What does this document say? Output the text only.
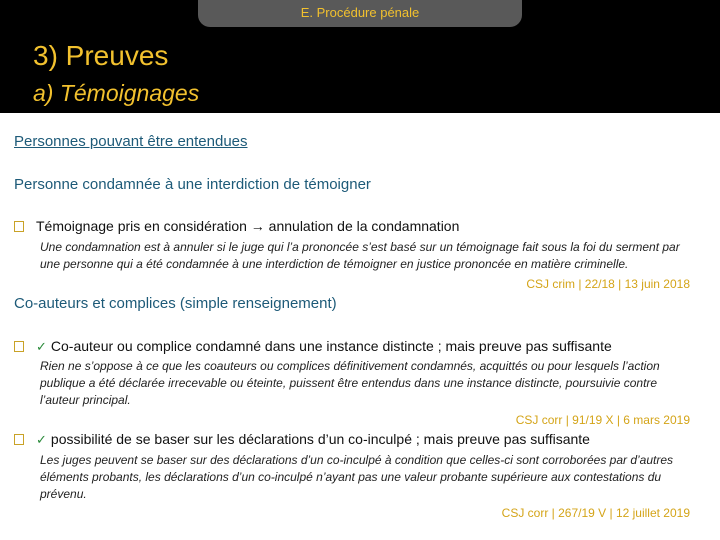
E. Procédure pénale
3) Preuves
a) Témoignages
Personnes pouvant être entendues
Personne condamnée à une interdiction de témoigner
Témoignage pris en considération → annulation de la condamnation
Une condamnation est à annuler si le juge qui l’a prononcée s’est basé sur un témoignage fait sous la foi du serment par une personne qui a été condamnée à une interdiction de témoigner en justice prononcée en matière criminelle.
CSJ crim | 22/18 | 13 juin 2018
Co-auteurs et complices (simple renseignement)
✓ Co-auteur ou complice condamné dans une instance distincte ; mais preuve pas suffisante
Rien ne s’oppose à ce que les coauteurs ou complices définitivement condamnés, acquittés ou pour lesquels l’action publique a été déclarée irrecevable ou éteinte, puissent être entendus dans une instance distincte, poursuivie contre l’auteur principal.
CSJ corr | 91/19 X | 6 mars 2019
✓ possibilité de se baser sur les déclarations d’un co-inculpé ; mais preuve pas suffisante
Les juges peuvent se baser sur des déclarations d’un co-inculpé à condition que celles-ci sont corroborées par d’autres éléments probants, les déclarations d’un co-inculpé n’ayant pas une valeur probante supérieure aux contestations du prévenu.
CSJ corr | 267/19 V | 12 juillet 2019
